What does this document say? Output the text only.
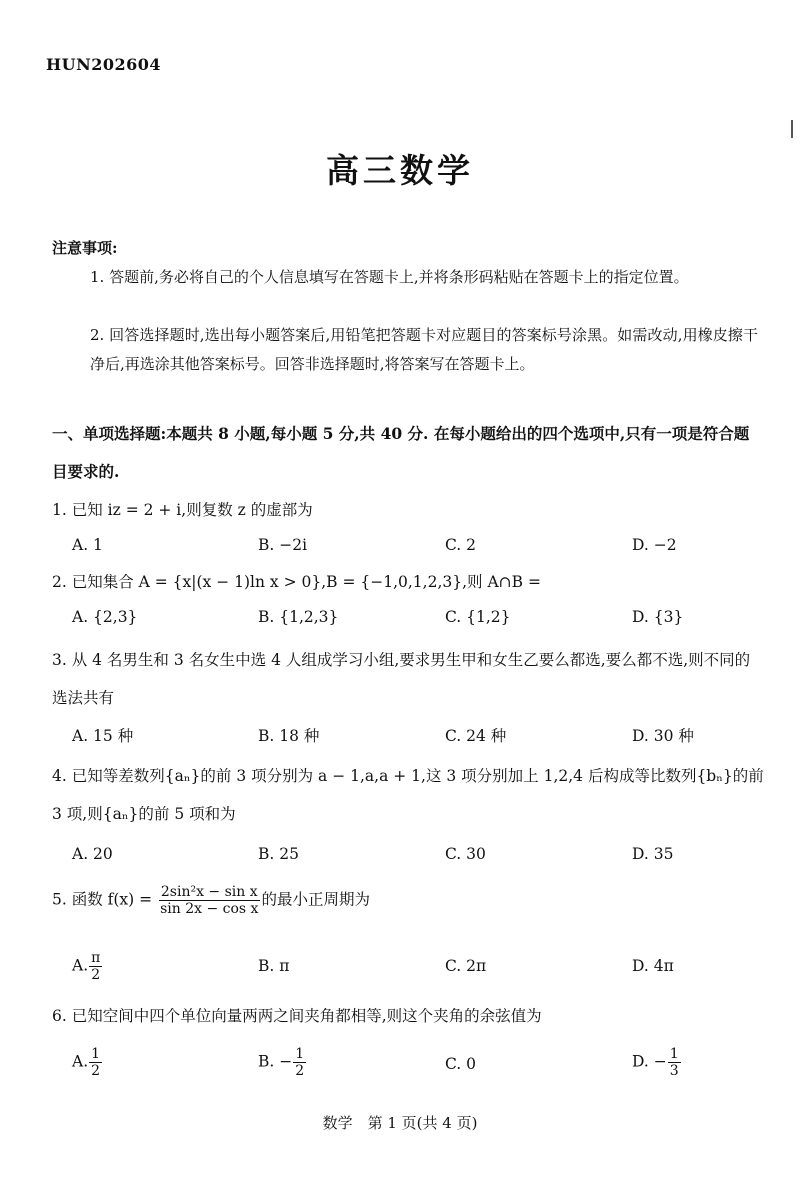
HUN202604
高三数学
注意事项:
1. 答题前,务必将自己的个人信息填写在答题卡上,并将条形码粘贴在答题卡上的指定位置。
2. 回答选择题时,选出每小题答案后,用铅笔把答题卡对应题目的答案标号涂黑。如需改动,用橡皮擦干净后,再选涂其他答案标号。回答非选择题时,将答案写在答题卡上。
一、单项选择题:本题共 8 小题,每小题 5 分,共 40 分. 在每小题给出的四个选项中,只有一项是符合题目要求的.
1. 已知 iz = 2 + i,则复数 z 的虚部为
A. 1	B. −2i	C. 2	D. −2
2. 已知集合 A = {x|(x − 1)ln x > 0},B = {−1,0,1,2,3},则 A∩B =
A. {2,3}	B. {1,2,3}	C. {1,2}	D. {3}
3. 从 4 名男生和 3 名女生中选 4 人组成学习小组,要求男生甲和女生乙要么都选,要么都不选,则不同的选法共有
A. 15 种	B. 18 种	C. 24 种	D. 30 种
4. 已知等差数列{aₙ}的前 3 项分别为 a − 1,a,a + 1,这 3 项分别加上 1,2,4 后构成等比数列{bₙ}的前 3 项,则{aₙ}的前 5 项和为
A. 20	B. 25	C. 30	D. 35
5. 函数 $f(x) = \frac{\text{2sin²x − sin x}}{\text{sin 2x − cos x}}$ 的最小正周期为
A. $\frac{\pi}{2}$	B. π	C. 2π	D. 4π
6. 已知空间中四个单位向量两两之间夹角都相等,则这个夹角的余弦值为
A. $\frac{1}{2}$	B. − $\frac{1}{2}$	C. 0	D. − $\frac{1}{3}$
数学　第 1 页(共 4 页)
